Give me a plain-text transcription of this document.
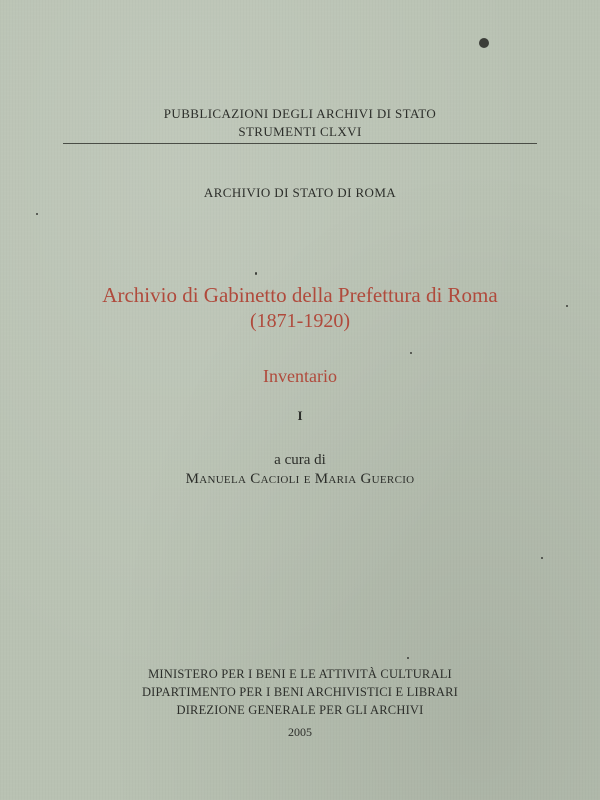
PUBBLICAZIONI DEGLI ARCHIVI DI STATO
STRUMENTI CLXVI
ARCHIVIO DI STATO DI ROMA
Archivio di Gabinetto della Prefettura di Roma
(1871-1920)
Inventario
I
a cura di
Manuela Cacioli e Maria Guercio
MINISTERO PER I BENI E LE ATTIVITÀ CULTURALI
DIPARTIMENTO PER I BENI ARCHIVISTICI E LIBRARI
DIREZIONE GENERALE PER GLI ARCHIVI
2005
